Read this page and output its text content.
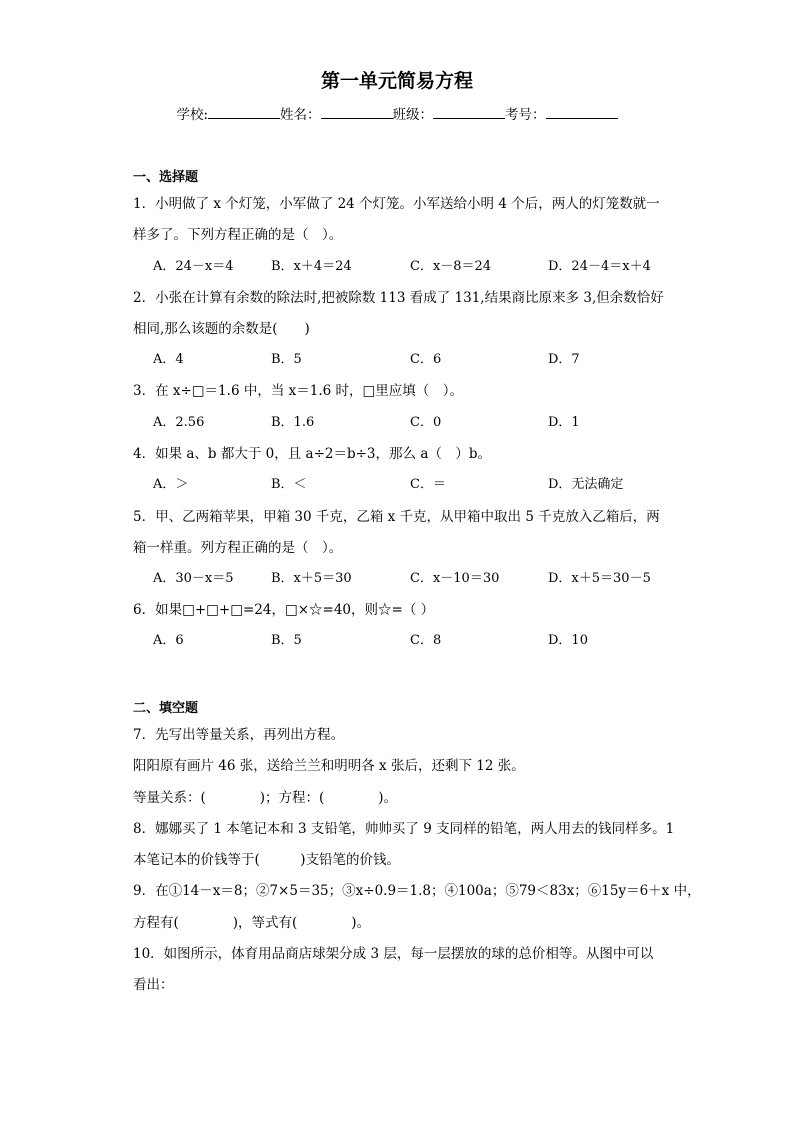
第一单元简易方程
学校:	姓名：	班级：	考号：
一、选择题
1．小明做了 x 个灯笼，小军做了 24 个灯笼。小军送给小明 4 个后，两人的灯笼数就一
样多了。下列方程正确的是（　）。
A．24－x＝4	B．x＋4＝24	C．x－8＝24	D．24－4＝x＋4
2．小张在计算有余数的除法时,把被除数 113 看成了 131,结果商比原来多 3,但余数恰好
相同,那么该题的余数是(　　)
A．4	B．5	C．6	D．7
3．在 x÷□＝1.6 中，当 x＝1.6 时，□里应填（　）。
A．2.56	B．1.6	C．0	D．1
4．如果 a、b 都大于 0，且 a÷2＝b÷3，那么 a（　）b。
A．＞	B．＜	C．＝	D．无法确定
5．甲、乙两箱苹果，甲箱 30 千克，乙箱 x 千克，从甲箱中取出 5 千克放入乙箱后，两
箱一样重。列方程正确的是（　）。
A．30－x＝5	B．x＋5＝30	C．x－10＝30	D．x＋5＝30－5
6．如果□+□+□=24，□×☆=40，则☆=（ ）
A．6	B．5	C．8	D．10
二、填空题
7．先写出等量关系，再列出方程。
阳阳原有画片 46 张，送给兰兰和明明各 x 张后，还剩下 12 张。
等量关系：(　　　　)；方程：(　　　　)。
8．娜娜买了 1 本笔记本和 3 支铅笔，帅帅买了 9 支同样的铅笔，两人用去的钱同样多。1
本笔记本的价钱等于(　　　)支铅笔的价钱。
9．在①14－x＝8；②7×5＝35；③x÷0.9＝1.8；④100a；⑤79＜83x；⑥15y＝6＋x 中，
方程有(　　　　)，等式有(　　　　)。
10．如图所示，体育用品商店球架分成 3 层，每一层摆放的球的总价相等。从图中可以
看出：
